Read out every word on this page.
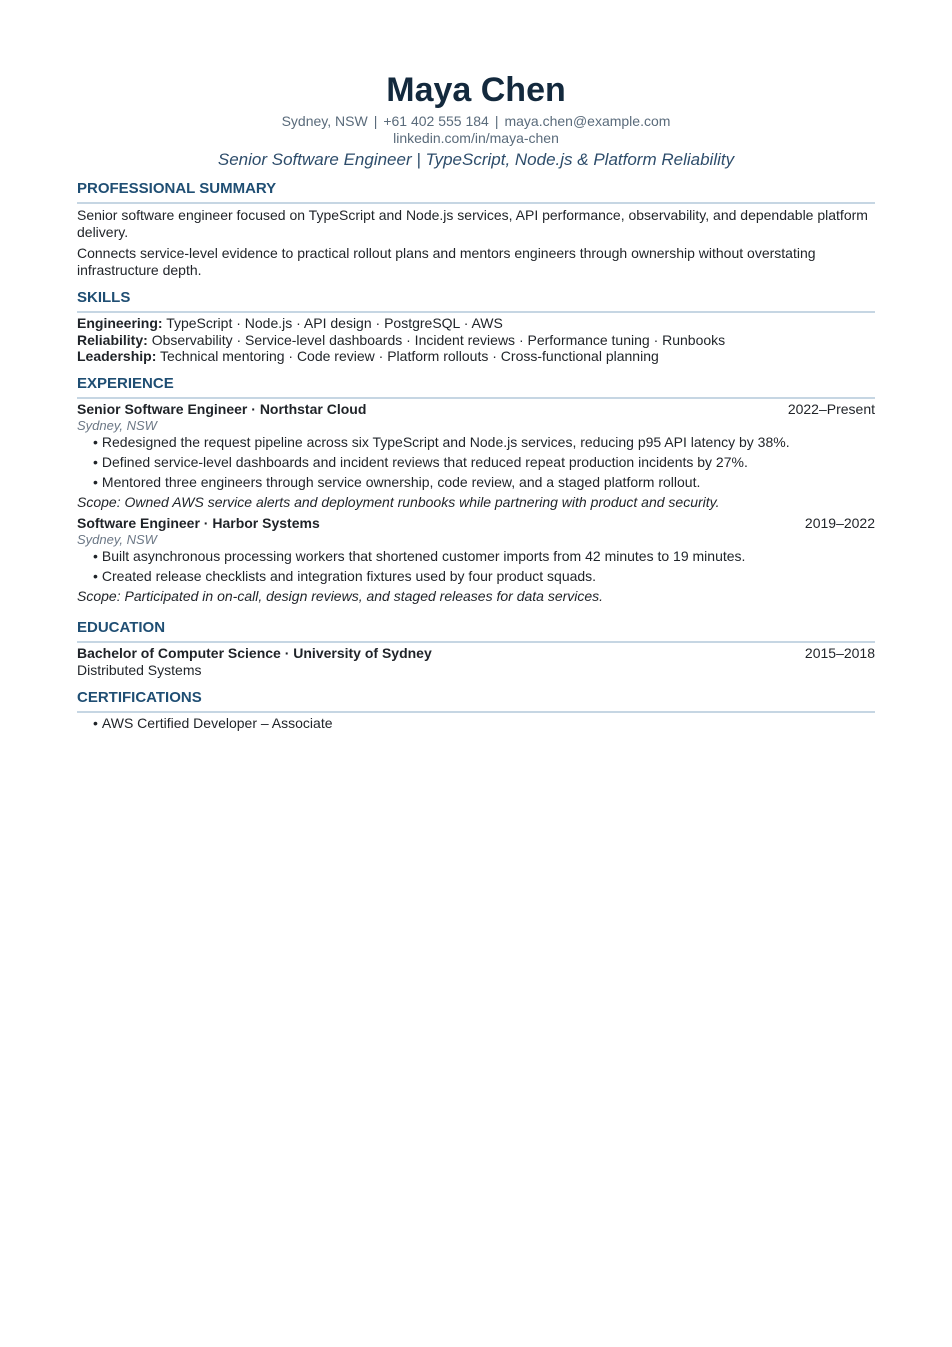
Maya Chen
Sydney, NSW | +61 402 555 184 | maya.chen@example.com
linkedin.com/in/maya-chen
Senior Software Engineer | TypeScript, Node.js & Platform Reliability
PROFESSIONAL SUMMARY

Senior software engineer focused on TypeScript and Node.js services, API performance, observability, and dependable platform delivery.

Connects service-level evidence to practical rollout plans and mentors engineers through ownership without overstating infrastructure depth.

SKILLS
Engineering: TypeScript · Node.js · API design · PostgreSQL · AWS
Reliability: Observability · Service-level dashboards · Incident reviews · Performance tuning · Runbooks
Leadership: Technical mentoring · Code review · Platform rollouts · Cross-functional planning
EXPERIENCE
Senior Software Engineer · Northstar Cloud	2022–Present
Sydney, NSW
• Redesigned the request pipeline across six TypeScript and Node.js services, reducing p95 API latency by 38%.
• Defined service-level dashboards and incident reviews that reduced repeat production incidents by 27%.
• Mentored three engineers through service ownership, code review, and a staged platform rollout.
Scope: Owned AWS service alerts and deployment runbooks while partnering with product and security.
Software Engineer · Harbor Systems	2019–2022
Sydney, NSW
• Built asynchronous processing workers that shortened customer imports from 42 minutes to 19 minutes.
• Created release checklists and integration fixtures used by four product squads.
Scope: Participated in on-call, design reviews, and staged releases for data services.
EDUCATION
Bachelor of Computer Science · University of Sydney	2015–2018
Distributed Systems
CERTIFICATIONS
• AWS Certified Developer – Associate
